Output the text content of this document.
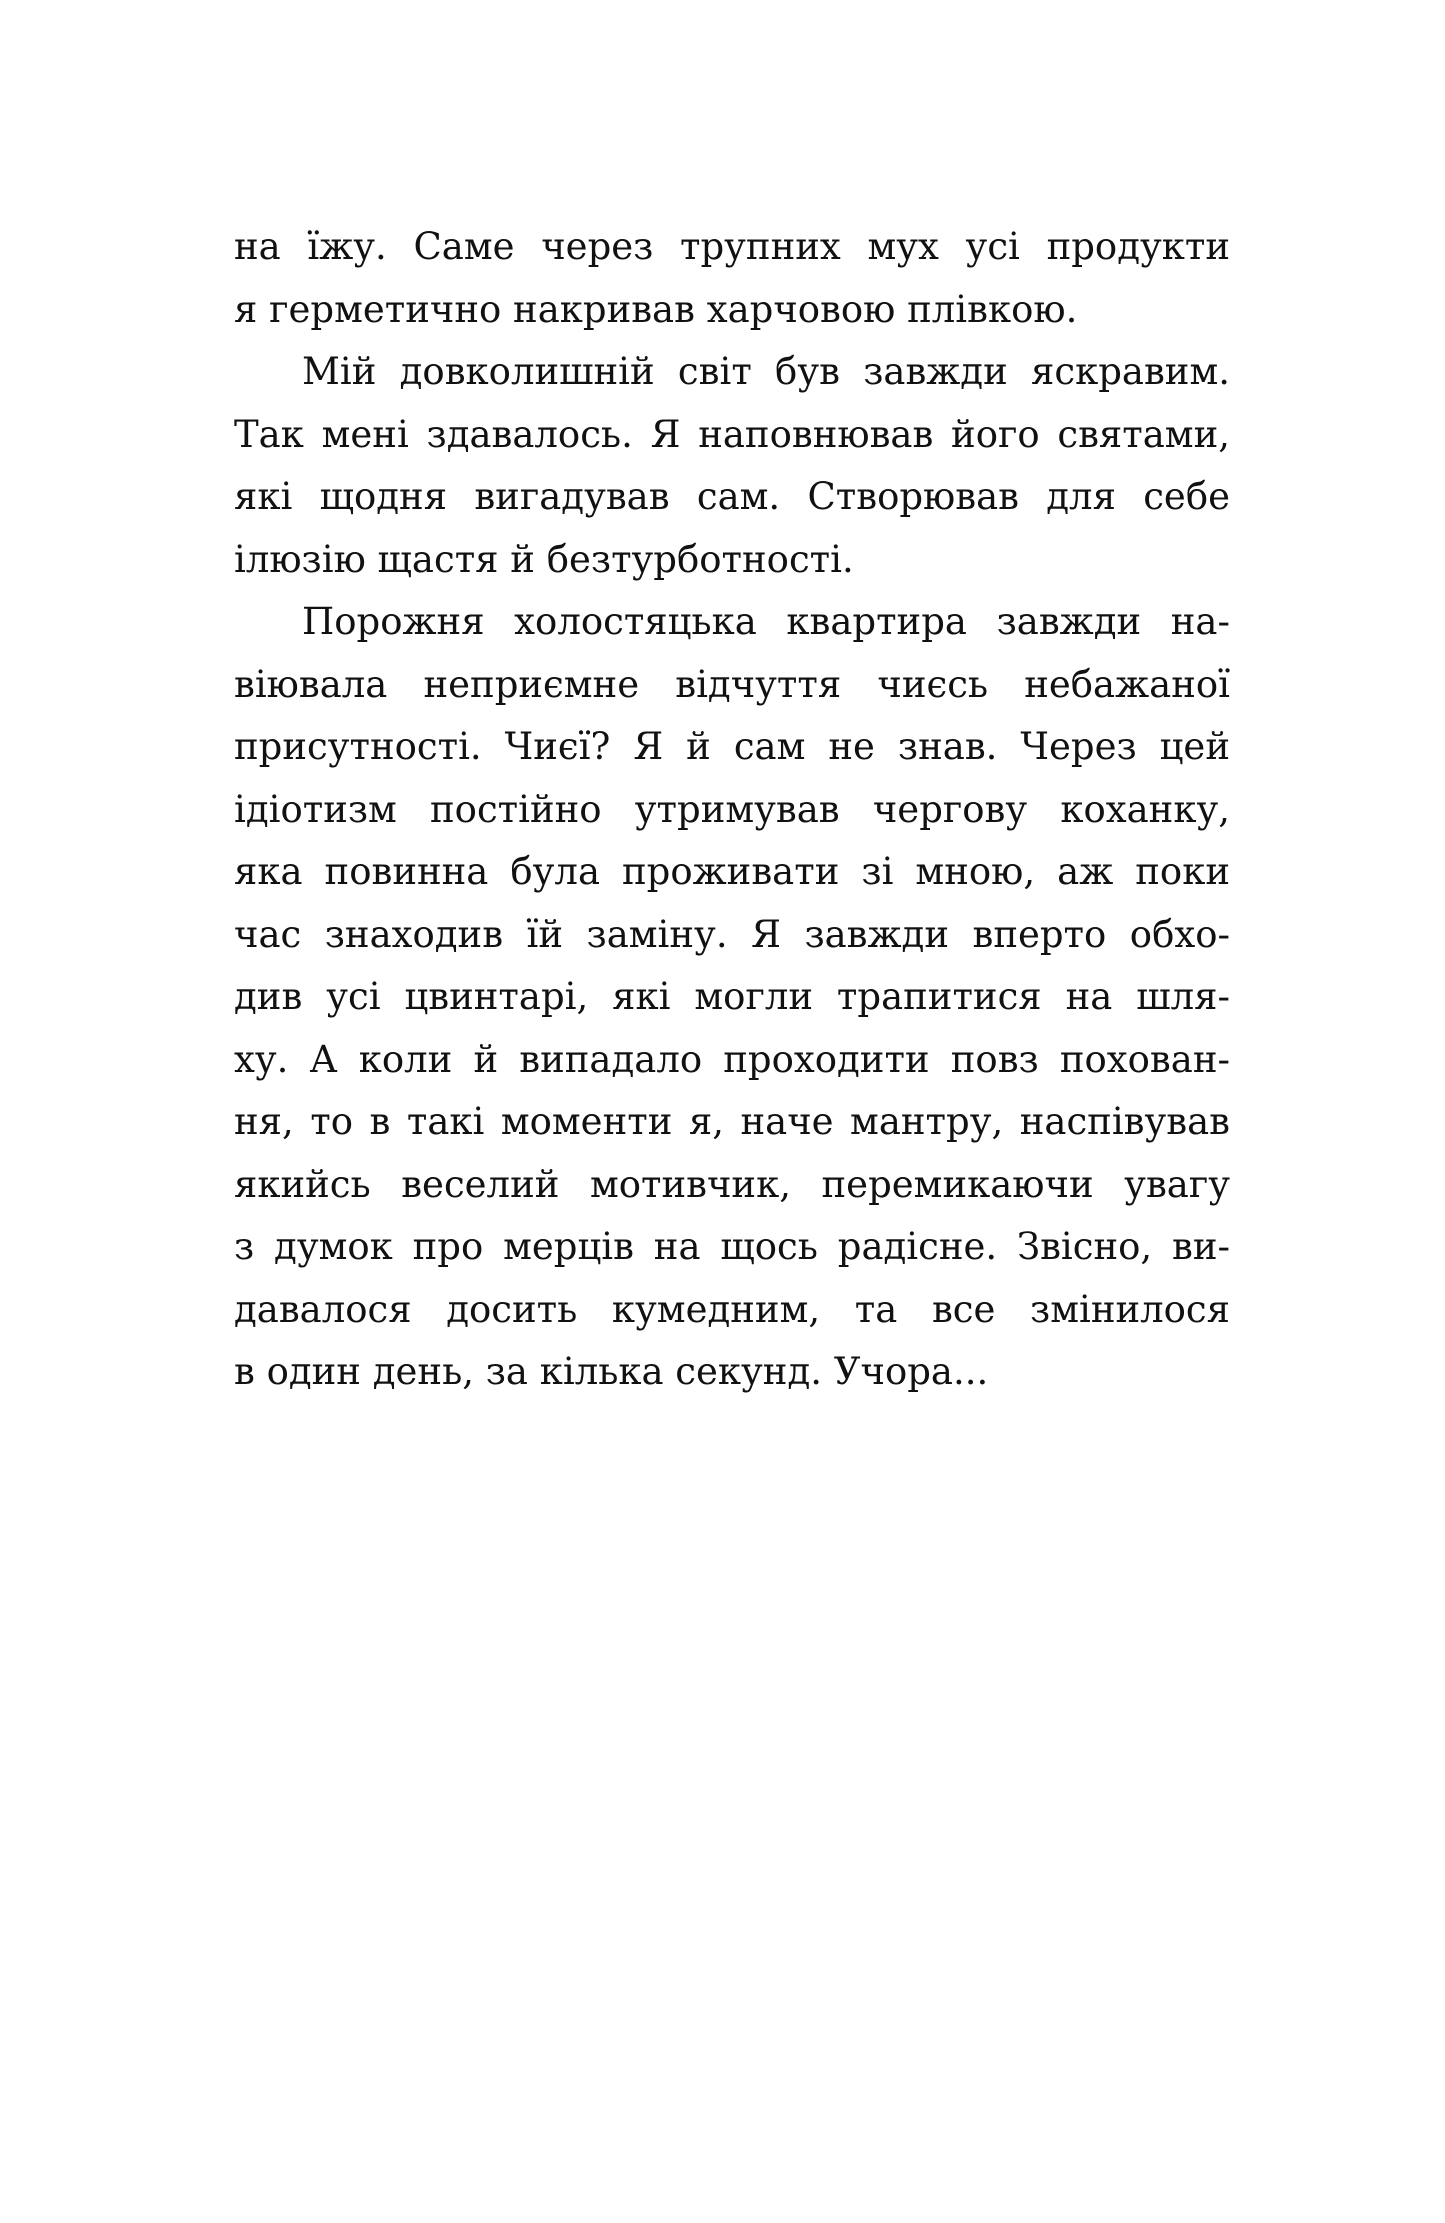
на їжу. Саме через трупних мух усі продукти
я герметично накривав харчовою плівкою.
Мій довколишній світ був завжди яскравим.
Так мені здавалось. Я наповнював його святами,
які щодня вигадував сам. Створював для себе
ілюзію щастя й безтурботності.
Порожня холостяцька квартира завжди на-
віювала неприємне відчуття чиєсь небажаної
присутності. Чиєї? Я й сам не знав. Через цей
ідіотизм постійно утримував чергову коханку,
яка повинна була проживати зі мною, аж поки
час знаходив їй заміну. Я завжди вперто обхо-
див усі цвинтарі, які могли трапитися на шля-
ху. А коли й випадало проходити повз похован-
ня, то в такі моменти я, наче мантру, наспівував
якийсь веселий мотивчик, перемикаючи увагу
з думок про мерців на щось радісне. Звісно, ви-
давалося досить кумедним, та все змінилося
в один день, за кілька секунд. Учора...
